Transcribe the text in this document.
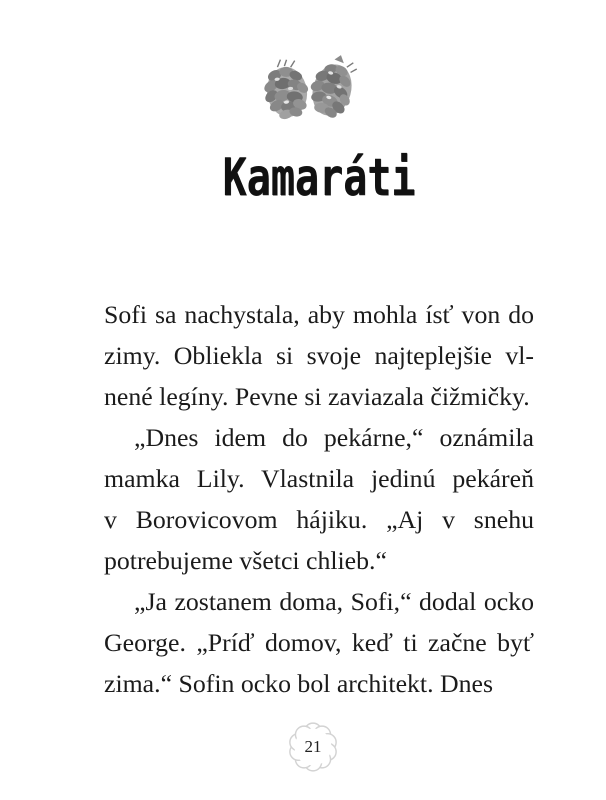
Kamaráti

Sofi sa nachystala, aby mohla ísť von do
zimy. Obliekla si svoje najteplejšie vl-
nené legíny. Pevne si zaviazala čižmičky.

„Dnes idem do pekárne,“ oznámila
mamka Lily. Vlastnila jedinú pekáreň
v Borovicovom hájiku. „Aj v snehu
potrebujeme všetci chlieb.“

„Ja zostanem doma, Sofi,“ dodal ocko
George. „Príď domov, keď ti začne byť
zima.“ Sofin ocko bol architekt. Dnes

21
